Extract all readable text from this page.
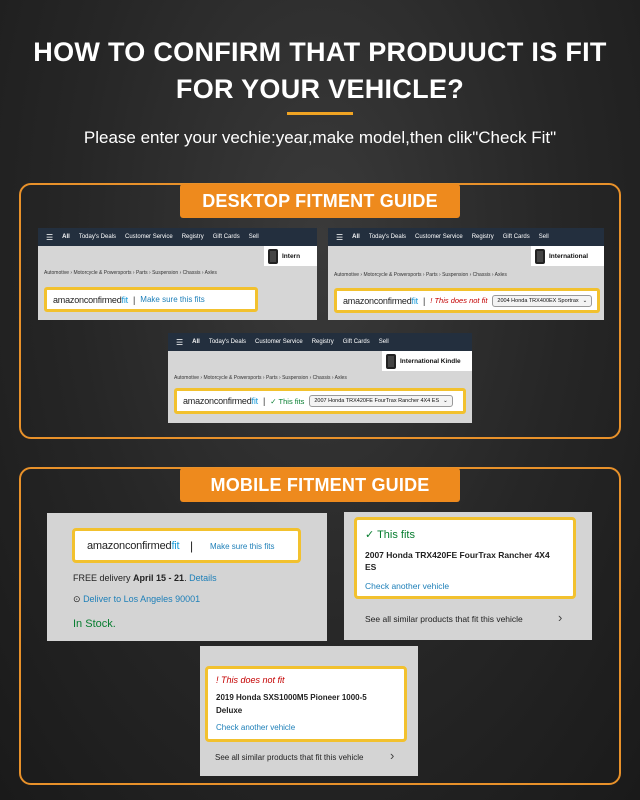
HOW TO CONFIRM THAT PRODUUCT IS FIT
FOR YOUR VEHICLE?
Please enter your vechie:year,make model,then clik"Check Fit"
DESKTOP FITMENT GUIDE
☰ All Today's Deals Customer Service Registry Gift Cards Sell
Intern
Automotive › Motorcycle & Powersports › Parts › Suspension › Chassis › Axles
amazonconfirmedfit | Make sure this fits
☰ All Today's Deals Customer Service Registry Gift Cards Sell
International
Automotive › Motorcycle & Powersports › Parts › Suspension › Chassis › Axles
amazonconfirmedfit | ! This does not fit 2004 Honda TRX400EX Sportrax ⌄
☰ All Today's Deals Customer Service Registry Gift Cards Sell
International Kindle
Automotive › Motorcycle & Powersports › Parts › Suspension › Chassis › Axles
amazonconfirmedfit | ✓ This fits 2007 Honda TRX420FE FourTrax Rancher 4X4 ES ⌄
MOBILE FITMENT GUIDE
amazonconfirmedfit | Make sure this fits
FREE delivery April 15 - 21. Details
⊙ Deliver to Los Angeles 90001
In Stock.
✓ This fits
2007 Honda TRX420FE FourTrax Rancher 4X4
ES
Check another vehicle
See all similar products that fit this vehicle	›
! This does not fit
2019 Honda SXS1000M5 Pioneer 1000-5
Deluxe
Check another vehicle
See all similar products that fit this vehicle ›
